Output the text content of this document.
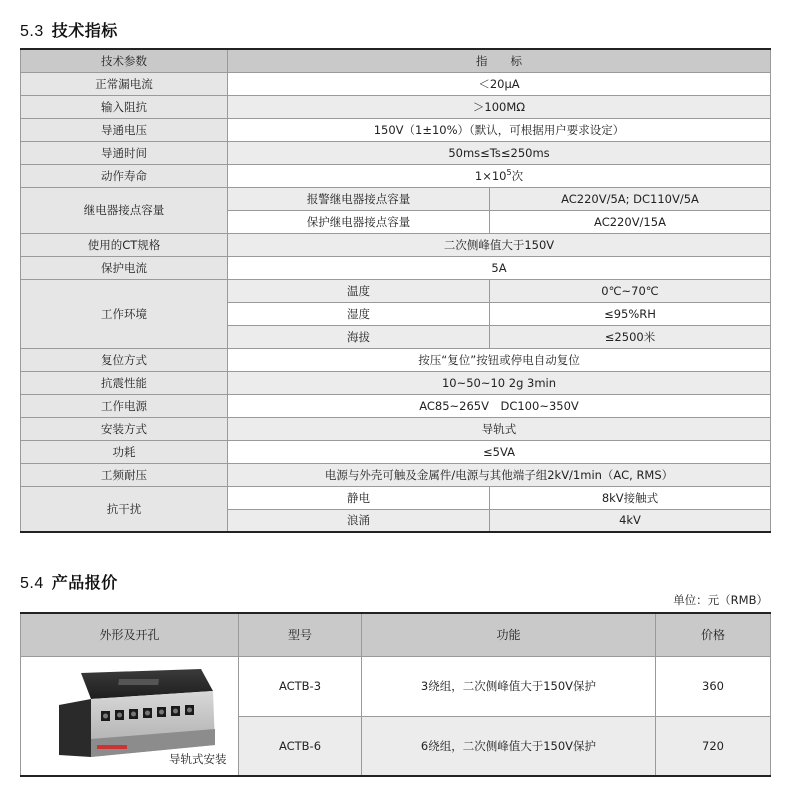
5.3 技术指标
技术参数	指　　标	
正常漏电流	＜20μA	
输入阻抗	＞100MΩ	
导通电压	150V（1±10%）（默认，可根据用户要求设定）	
导通时间	50ms≤Ts≤250ms	
动作寿命	$1\times 10^5$次	
继电器接点容量	报警继电器接点容量	AC220V/5A; DC110V/5A
	保护继电器接点容量	AC220V/15A
使用的CT规格	二次侧峰值大于150V	
保护电流	5A	
工作环境	温度	0℃~70℃
	湿度	≤95%RH
	海拔	≤2500米
复位方式	按压“复位”按钮或停电自动复位	
抗震性能	10~50~10 2g 3min	
工作电源	AC85~265V　DC100~350V	
安装方式	导轨式	
功耗	≤5VA	
工频耐压	电源与外壳可触及金属件/电源与其他端子组2kV/1min（AC, RMS）	
抗干扰	静电	8kV接触式
	浪涌	4kV
5.4 产品报价
单位：元（RMB）
外形及开孔	型号	功能	价格

导轨式安装	ACTB-3	3绕组，二次侧峰值大于150V保护	360
	ACTB-6	6绕组，二次侧峰值大于150V保护	720
